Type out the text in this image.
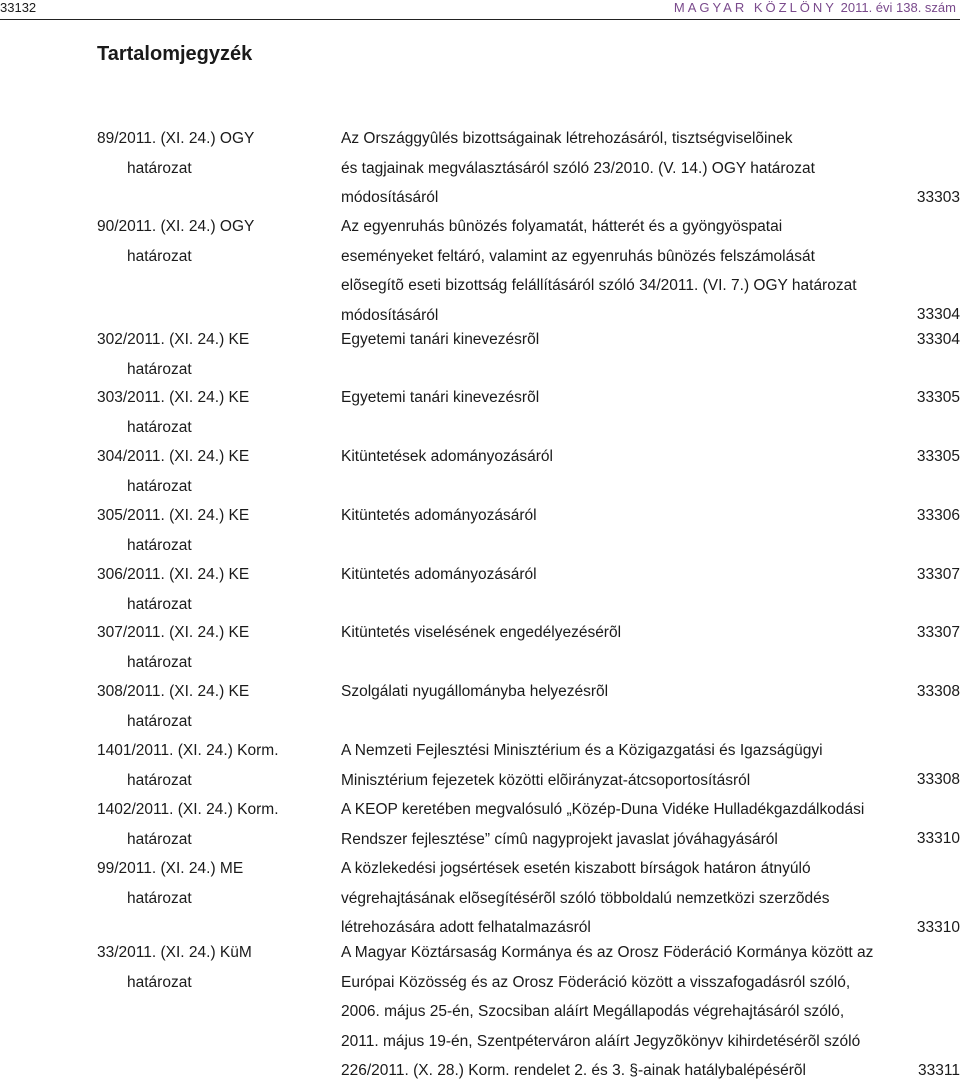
33132	MAGYAR KÖZLÖNY 2011. évi 138. szám
Tartalomjegyzék
89/2011. (XI. 24.) OGY
határozat
Az Országgyûlés bizottságainak létrehozásáról, tisztségviselõinek
és tagjainak megválasztásáról szóló 23/2010. (V. 14.) OGY határozat
módosításáról	33303
90/2011. (XI. 24.) OGY
határozat
Az egyenruhás bûnözés folyamatát, hátterét és a gyöngyöspatai
eseményeket feltáró, valamint az egyenruhás bûnözés felszámolását
elõsegítõ eseti bizottság felállításáról szóló 34/2011. (VI. 7.) OGY határozat
módosításáról	33304
302/2011. (XI. 24.) KE
határozat
Egyetemi tanári kinevezésrõl	33304
303/2011. (XI. 24.) KE
határozat
Egyetemi tanári kinevezésrõl	33305
304/2011. (XI. 24.) KE
határozat
Kitüntetések adományozásáról	33305
305/2011. (XI. 24.) KE
határozat
Kitüntetés adományozásáról	33306
306/2011. (XI. 24.) KE
határozat
Kitüntetés adományozásáról	33307
307/2011. (XI. 24.) KE
határozat
Kitüntetés viselésének engedélyezésérõl	33307
308/2011. (XI. 24.) KE
határozat
Szolgálati nyugállományba helyezésrõl	33308
1401/2011. (XI. 24.) Korm.
határozat
A Nemzeti Fejlesztési Minisztérium és a Közigazgatási és Igazságügyi
Minisztérium fejezetek közötti elõirányzat-átcsoportosításról	33308
1402/2011. (XI. 24.) Korm.
határozat
A KEOP keretében megvalósuló „Közép-Duna Vidéke Hulladékgazdálkodási
Rendszer fejlesztése” címû nagyprojekt javaslat jóváhagyásáról	33310
99/2011. (XI. 24.) ME
határozat
A közlekedési jogsértések esetén kiszabott bírságok határon átnyúló
végrehajtásának elõsegítésérõl szóló többoldalú nemzetközi szerzõdés
létrehozására adott felhatalmazásról	33310
33/2011. (XI. 24.) KüM
határozat
A Magyar Köztársaság Kormánya és az Orosz Föderáció Kormánya között az
Európai Közösség és az Orosz Föderáció között a visszafogadásról szóló,
2006. május 25-én, Szocsiban aláírt Megállapodás végrehajtásáról szóló,
2011. május 19-én, Szentpéterváron aláírt Jegyzõkönyv kihirdetésérõl szóló
226/2011. (X. 28.) Korm. rendelet 2. és 3. §-ainak hatálybalépésérõl	33311
